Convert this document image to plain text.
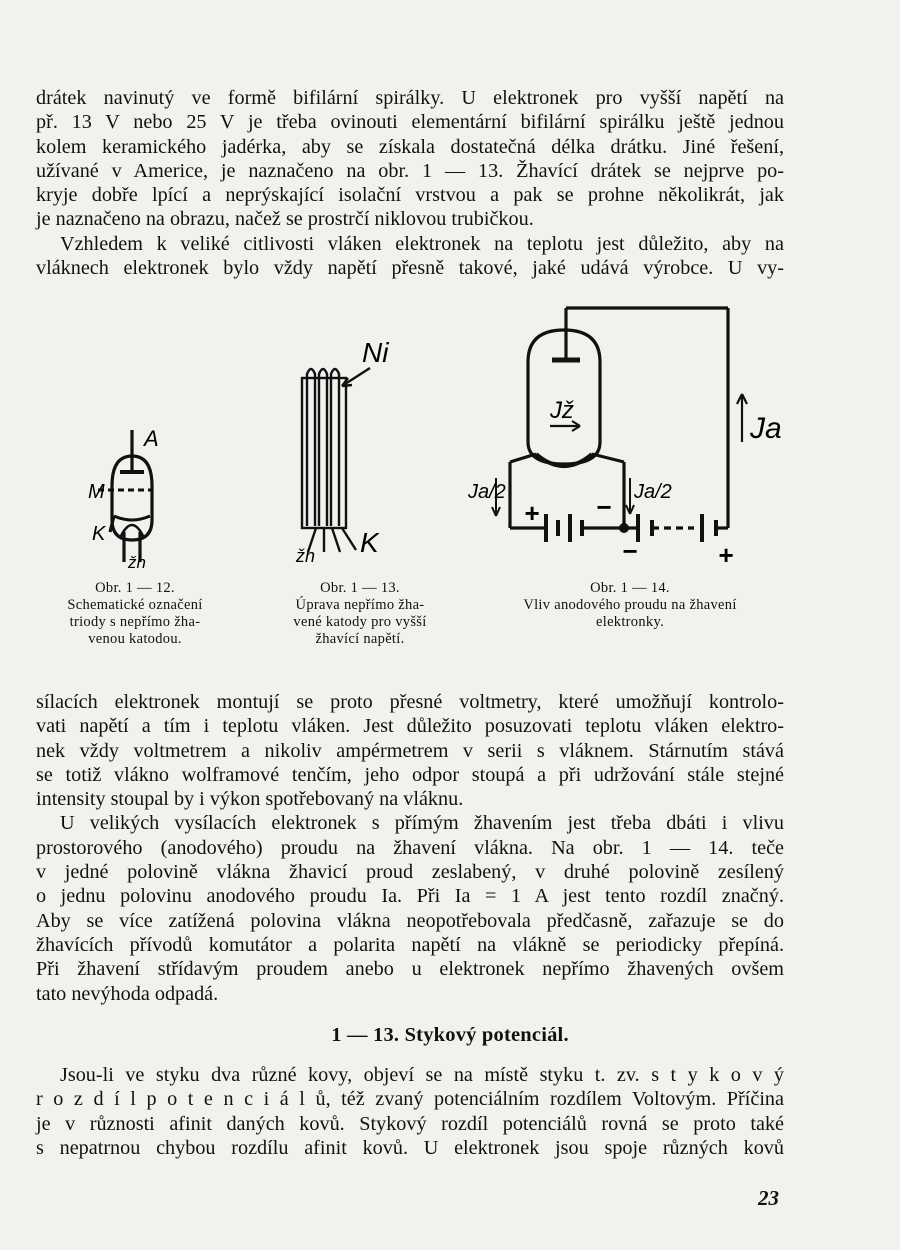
drátek navinutý ve formě bifilární spirálky. U elektronek pro vyšší napětí na
př. 13 V nebo 25 V je třeba ovinouti elementární bifilární spirálku ještě jednou
kolem keramického jadérka, aby se získala dostatečná délka drátku. Jiné řešení,
užívané v Americe, je naznačeno na obr. 1 — 13. Žhavící drátek se nejprve po-
kryje dobře lpící a neprýskající isolační vrstvou a pak se prohne několikrát, jak
je naznačeno na obrazu, načež se prostrčí niklovou trubičkou.
Vzhledem k veliké citlivosti vláken elektronek na teplotu jest důležito, aby na
vláknech elektronek bylo vždy napětí přesně takové, jaké udává výrobce. U vy-
A
M
K
žh
Ni
žh K
Jž
Ja
Ja/2	Ja/2
+ −
−	+
Obr. 1 — 12.
Schematické označení
triody s nepřímo žha-
venou katodou.
Obr. 1 — 13.
Úprava nepřímo žha-
vené katody pro vyšší
žhavící napětí.
Obr. 1 — 14.
Vliv anodového proudu na žhavení
elektronky.
sílacích elektronek montují se proto přesné voltmetry, které umožňují kontrolo-
vati napětí a tím i teplotu vláken. Jest důležito posuzovati teplotu vláken elektro-
nek vždy voltmetrem a nikoliv ampérmetrem v serii s vláknem. Stárnutím stává
se totiž vlákno wolframové tenčím, jeho odpor stoupá a při udržování stále stejné
intensity stoupal by i výkon spotřebovaný na vláknu.
U velikých vysílacích elektronek s přímým žhavením jest třeba dbáti i vlivu
prostorového (anodového) proudu na žhavení vlákna. Na obr. 1 — 14. teče
v jedné polovině vlákna žhavicí proud zeslabený, v druhé polovině zesílený
o jednu polovinu anodového proudu Ia. Při Ia = 1 A jest tento rozdíl značný.
Aby se více zatížená polovina vlákna neopotřebovala předčasně, zařazuje se do
žhavících přívodů komutátor a polarita napětí na vlákně se periodicky přepíná.
Při žhavení střídavým proudem anebo u elektronek nepřímo žhavených ovšem
tato nevýhoda odpadá.
1 — 13. Stykový potenciál.
Jsou-li ve styku dva různé kovy, objeví se na místě styku t. zv. s t y k o v ý
r o z d í l p o t e n c i á l ů, též zvaný potenciálním rozdílem Voltovým. Příčina
je v různosti afinit daných kovů. Stykový rozdíl potenciálů rovná se proto také
s nepatrnou chybou rozdílu afinit kovů. U elektronek jsou spoje různých kovů
23
